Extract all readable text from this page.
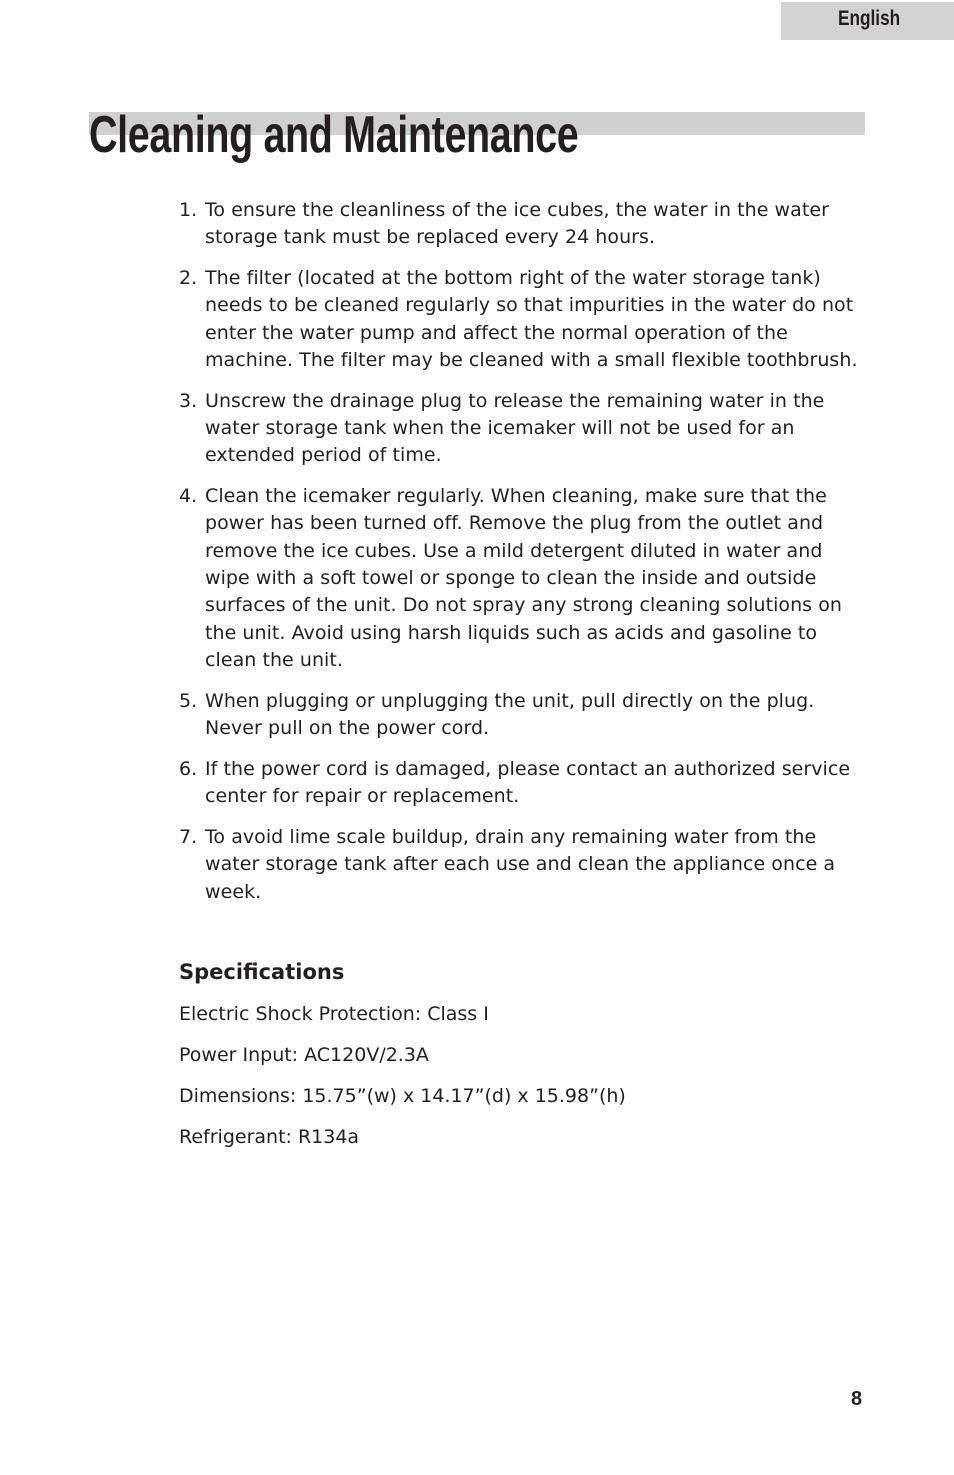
English
Cleaning and Maintenance
1. To ensure the cleanliness of the ice cubes, the water in the water storage tank must be replaced every 24 hours.
2. The filter (located at the bottom right of the water storage tank) needs to be cleaned regularly so that impurities in the water do not enter the water pump and affect the normal operation of the machine. The filter may be cleaned with a small flexible toothbrush.
3. Unscrew the drainage plug to release the remaining water in the water storage tank when the icemaker will not be used for an extended period of time.
4. Clean the icemaker regularly. When cleaning, make sure that the power has been turned off. Remove the plug from the outlet and remove the ice cubes. Use a mild detergent diluted in water and wipe with a soft towel or sponge to clean the inside and outside surfaces of the unit. Do not spray any strong cleaning solutions on the unit. Avoid using harsh liquids such as acids and gasoline to clean the unit.
5. When plugging or unplugging the unit, pull directly on the plug. Never pull on the power cord.
6. If the power cord is damaged, please contact an authorized service center for repair or replacement.
7. To avoid lime scale buildup, drain any remaining water from the water storage tank after each use and clean the appliance once a week.
Specifications
Electric Shock Protection: Class I
Power Input: AC120V/2.3A
Dimensions: 15.75”(w) x 14.17”(d) x 15.98”(h)
Refrigerant: R134a
8
